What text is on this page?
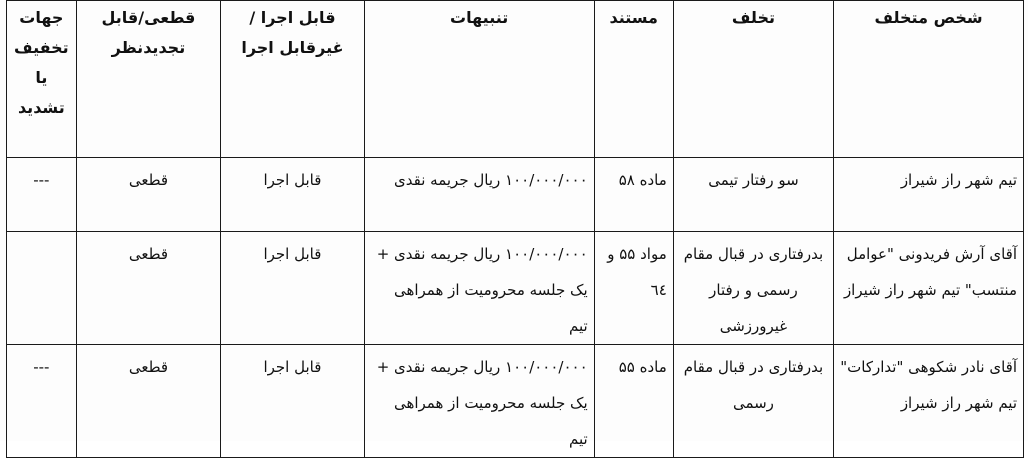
شخص متخلف	تخلف	مستند	تنبیهات	قابل اجرا /غیرقابل اجرا	قطعی/قابل تجدیدنظر	جهات تخفیف یا تشدید

تیم شهر راز شیراز	سو رفتار تیمی	ماده ۵۸	۱۰۰/۰۰۰/۰۰۰ ریال جریمه نقدی	قابل اجرا	قطعی	---

آقای آرش فریدونی "عوامل منتسب" تیم شهر راز شیراز	بدرفتاری در قبال مقام رسمی و رفتار غیرورزشی	مواد ۵۵ و ٦٤	۱۰۰/۰۰۰/۰۰۰ ریال جریمه نقدی + یک جلسه محرومیت از همراهی تیم	قابل اجرا	قطعی	

آقای نادر شکوهی "تدارکات" تیم شهر راز شیراز	بدرفتاری در قبال مقام رسمی	ماده ۵۵	۱۰۰/۰۰۰/۰۰۰ ریال جریمه نقدی + یک جلسه محرومیت از همراهی تیم	قابل اجرا	قطعی	---
